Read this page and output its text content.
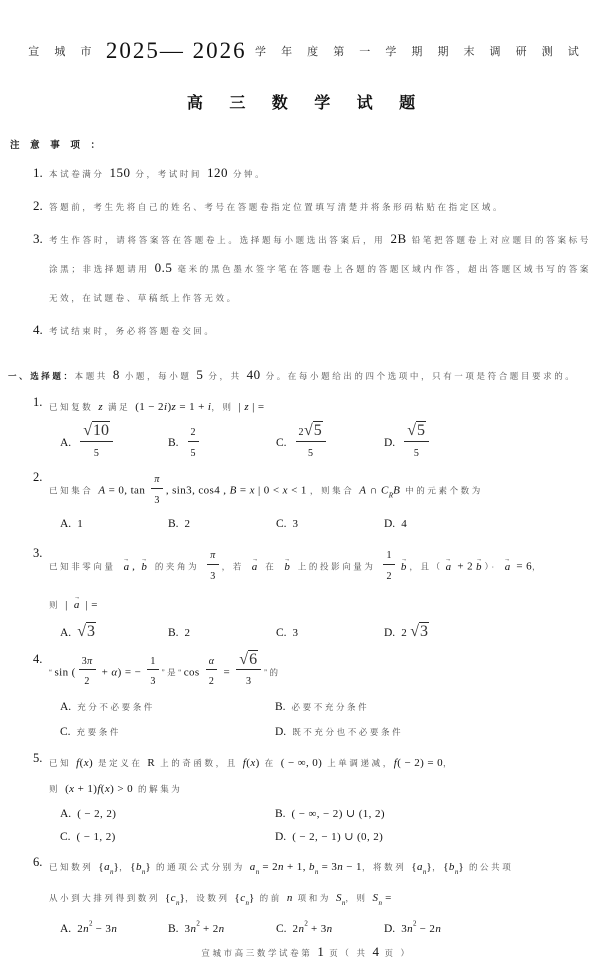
宣 城 市 2025— 2026 学 年 度 第 一 学 期 期 末 调 研 测 试
高 三 数 学 试 题
注 意 事 项 ：
1. 本试卷满分 150 分，考试时间 120 分钟。
2. 答题前，考生先将自己的姓名、考号在答题卷指定位置填写清楚并将条形码粘贴在指定区域。
3. 考生作答时，请将答案答在答题卷上。选择题每小题选出答案后，用 2B 铅笔把答题卷上对应题目的答案标号涂黑；非选择题请用 0.5 毫米的黑色墨水签字笔在答题卷上各题的答题区域内作答，超出答题区域书写的答案无效，在试题卷、草稿纸上作答无效。
4. 考试结束时，务必将答题卷交回。
一、选择题：本题共 8 小题，每小题 5 分，共 40 分。在每小题给出的四个选项中，只有一项是符合题目要求的。
1. 已知复数 z 满足 (1 − 2i)z = 1 + i，则 | z | =
A. √ $\frac{10}{5}$	B. $\frac{2}{5}$	C. $\frac{2 √ 5}{5}$	D. √ $\frac{5}{5}$
2.
已知集合 A = 0, $\tan \frac{\pi}{3}$ , sin3, cos4 , B = x | 0 < x < 1 ，则集合 A ∩ $C_RB$ 中的元素个数为
A. 1	B. 2	C. 3	D. 4
3.
已知非零向量 → a , → b 的夹角为 $\frac{\pi}{3}$ ，若 → a 在 → b 上的投影向量为 $\frac{1}{2} \to b$ ，且（ → a + 2 → b ）· → a = 6，
则 | → a | =
A. √ 3	B. 2	C. 3	D. 2 √ 3
4.
“sin ( $\frac{3\pi}{2} + \alpha$) = − $\frac{1}{3}$ ”是“$\cos \frac{\alpha}{2}$ = √ $\frac{6}{3}$ ”的
A. 充分不必要条件	B. 必要不充分条件
C. 充要条件	D. 既不充分也不必要条件
5. 已知 f(x) 是定义在 R 上的奇函数，且 f(x) 在 ( − ∞, 0) 上单调递减，f( − 2) = 0，
则 (x + 1)f(x) > 0 的解集为
A. ( − 2, 2)	B. ( − ∞, − 2) ∪ (1, 2)
C. ( − 1, 2)	D. ( − 2, − 1) ∪ (0, 2)
6. 已知数列 $\{a_n\}$，$\{b_n\}$ 的通项公式分别为 $a_n = 2n + 1$, $b_n = 3n - 1$，将数列 $\{a_n\}$，$\{b_n\}$ 的公共项
从小到大排列得到数列 $\{c_n\}$，设数列 $\{c_n\}$ 的前 n 项和为 $S_n$，则 $S_n$ =
A. $2n^2 - 3n$	B. $3n^2 + 2n$	C. $2n^2 + 3n$	D. $3n^2 - 2n$
宣城市高三数学试卷第 1 页（ 共 4 页 ）
